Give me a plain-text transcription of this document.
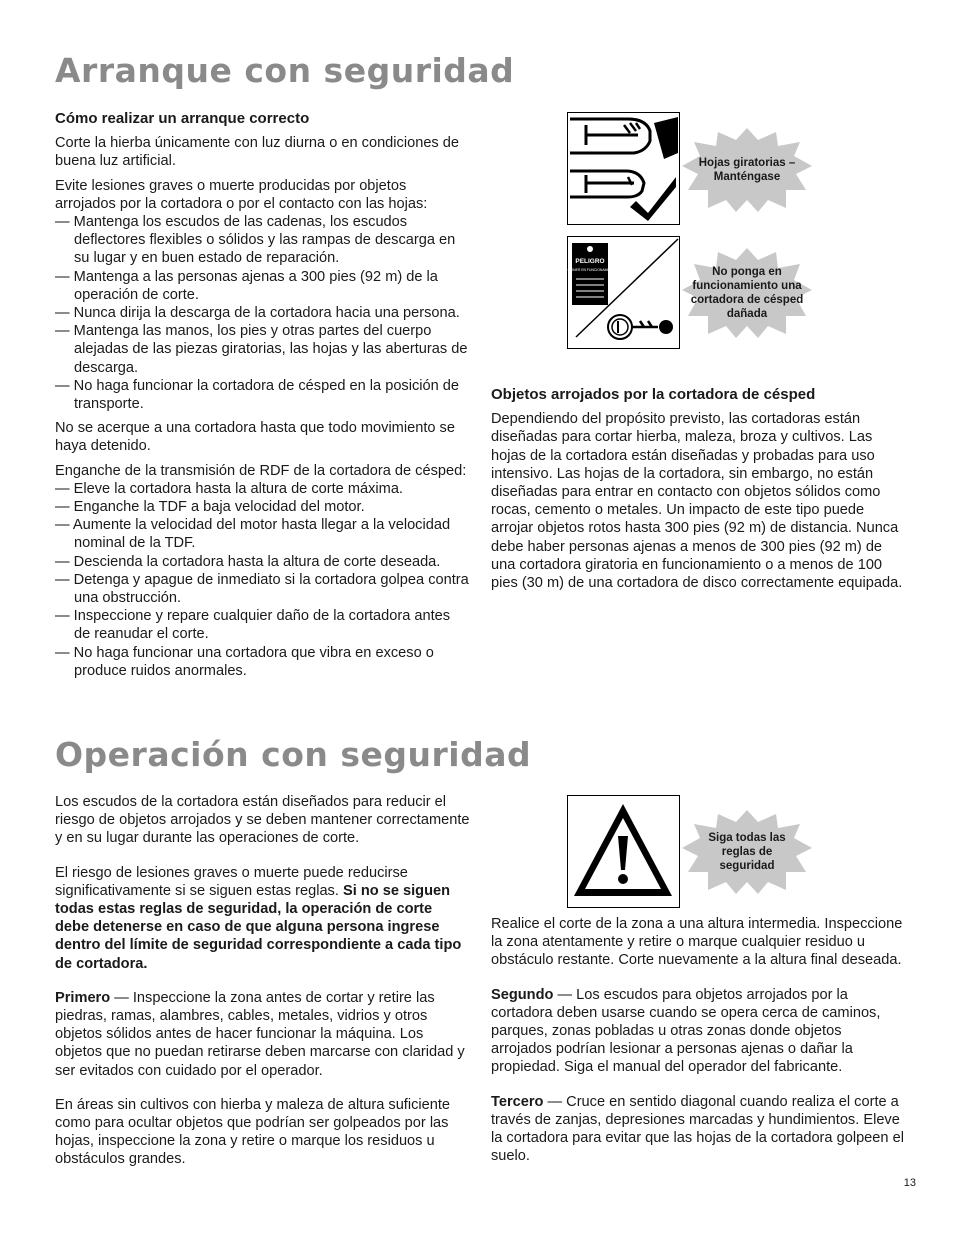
Arranque con seguridad

Cómo realizar un arranque correcto

Corte la hierba únicamente con luz diurna o en condiciones de buena luz artificial.

Evite lesiones graves o muerte producidas por objetos arrojados por la cortadora o por el contacto con las hojas:

— Mantenga los escudos de las cadenas, los escudos deflectores flexibles o sólidos y las rampas de descarga en su lugar y en buen estado de reparación.
— Mantenga a las personas ajenas a 300 pies (92 m) de la operación de corte.
— Nunca dirija la descarga de la cortadora hacia una persona.
— Mantenga las manos, los pies y otras partes del cuerpo alejadas de las piezas giratorias, las hojas y las aberturas de descarga.
— No haga funcionar la cortadora de césped en la posición de transporte.

No se acerque a una cortadora hasta que todo movimiento se haya detenido.

Enganche de la transmisión de RDF de la cortadora de césped:

— Eleve la cortadora hasta la altura de corte máxima.
— Enganche la TDF a baja velocidad del motor.
— Aumente la velocidad del motor hasta llegar a la velocidad nominal de la TDF.
— Descienda la cortadora hasta la altura de corte deseada.
— Detenga y apague de inmediato si la cortadora golpea contra una obstrucción.
— Inspeccione y repare cualquier daño de la cortadora antes de reanudar el corte.
— No haga funcionar una cortadora que vibra en exceso o produce ruidos anormales.
Hojas giratorias – Manténgase
PELIGRO
NO PONER EN FUNCIONAMIENTO	No ponga en funcionamiento una cortadora de césped dañada

Objetos arrojados por la cortadora de césped

Dependiendo del propósito previsto, las cortadoras están diseñadas para cortar hierba, maleza, broza y cultivos. Las hojas de la cortadora están diseñadas y probadas para uso intensivo. Las hojas de la cortadora, sin embargo, no están diseñadas para entrar en contacto con objetos sólidos como rocas, cemento o metales. Un impacto de este tipo puede arrojar objetos rotos hasta 300 pies (92 m) de distancia. Nunca debe haber personas ajenas a menos de 300 pies (92 m) de una cortadora giratoria en funcionamiento o a menos de 100 pies (30 m) de una cortadora de disco correctamente equipada.

Operación con seguridad

Los escudos de la cortadora están diseñados para reducir el riesgo de objetos arrojados y se deben mantener correctamente y en su lugar durante las operaciones de corte.

El riesgo de lesiones graves o muerte puede reducirse significativamente si se siguen estas reglas. Si no se siguen todas estas reglas de seguridad, la operación de corte debe detenerse en caso de que alguna persona ingrese dentro del límite de seguridad correspondiente a cada tipo de cortadora.

Primero — Inspeccione la zona antes de cortar y retire las piedras, ramas, alambres, cables, metales, vidrios y otros objetos sólidos antes de hacer funcionar la máquina. Los objetos que no puedan retirarse deben marcarse con claridad y ser evitados con cuidado por el operador.

En áreas sin cultivos con hierba y maleza de altura suficiente como para ocultar objetos que podrían ser golpeados por las hojas, inspeccione la zona y retire o marque los residuos u obstáculos grandes.

Siga todas las reglas de seguridad

Realice el corte de la zona a una altura intermedia. Inspeccione la zona atentamente y retire o marque cualquier residuo u obstáculo restante. Corte nuevamente a la altura final deseada.

Segundo — Los escudos para objetos arrojados por la cortadora deben usarse cuando se opera cerca de caminos, parques, zonas pobladas u otras zonas donde objetos arrojados podrían lesionar a personas ajenas o dañar la propiedad. Siga el manual del operador del fabricante.

Tercero — Cruce en sentido diagonal cuando realiza el corte a través de zanjas, depresiones marcadas y hundimientos. Eleve la cortadora para evitar que las hojas de la cortadora golpeen el suelo.

13
